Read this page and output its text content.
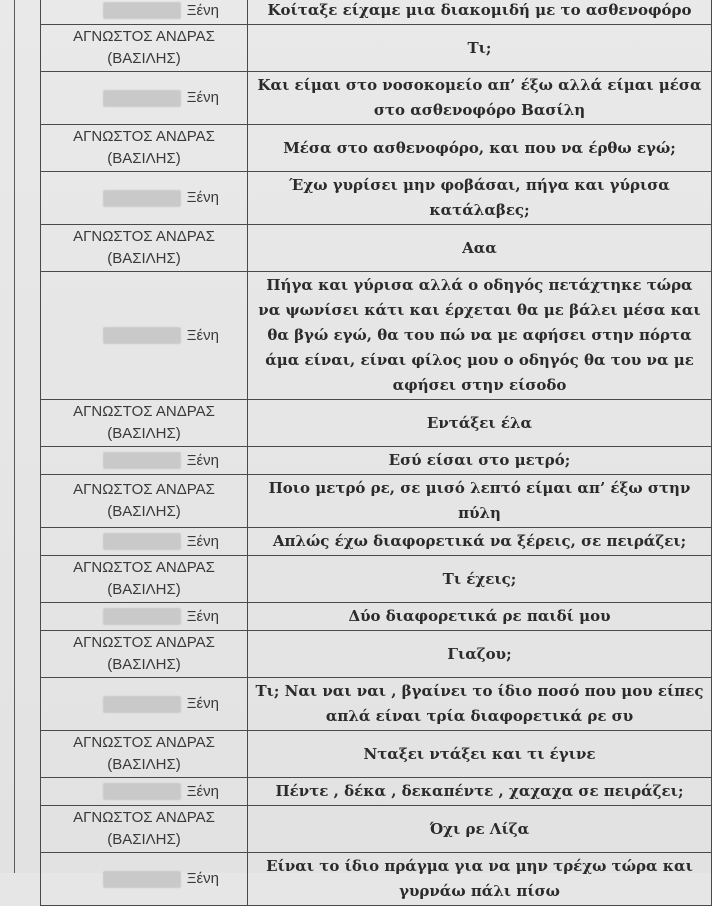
Ξένη	Κοίταξε είχαμε μια διακομιδή με το ασθενοφόρο
ΑΓΝΩΣΤΟΣ ΑΝΔΡΑΣ (ΒΑΣΙΛΗΣ)	Τι;
Ξένη	Και είμαι στο νοσοκομείο απ’ έξω αλλά είμαι μέσα στο ασθενοφόρο Βασίλη
ΑΓΝΩΣΤΟΣ ΑΝΔΡΑΣ (ΒΑΣΙΛΗΣ)	Μέσα στο ασθενοφόρο, και που να έρθω εγώ;
Ξένη	Έχω γυρίσει μην φοβάσαι, πήγα και γύρισα κατάλαβες;
ΑΓΝΩΣΤΟΣ ΑΝΔΡΑΣ (ΒΑΣΙΛΗΣ)	Ααα
Ξένη	Πήγα και γύρισα αλλά ο οδηγός πετάχτηκε τώρα να ψωνίσει κάτι και έρχεται θα με βάλει μέσα και θα βγώ εγώ, θα του πώ να με αφήσει στην πόρτα άμα είναι, είναι φίλος μου ο οδηγός θα του να με αφήσει στην είσοδο
ΑΓΝΩΣΤΟΣ ΑΝΔΡΑΣ (ΒΑΣΙΛΗΣ)	Εντάξει έλα
Ξένη	Εσύ είσαι στο μετρό;
ΑΓΝΩΣΤΟΣ ΑΝΔΡΑΣ (ΒΑΣΙΛΗΣ)	Ποιο μετρό ρε, σε μισό λεπτό είμαι απ’ έξω στην πύλη
Ξένη	Απλώς έχω διαφορετικά να ξέρεις, σε πειράζει;
ΑΓΝΩΣΤΟΣ ΑΝΔΡΑΣ (ΒΑΣΙΛΗΣ)	Τι έχεις;
Ξένη	Δύο διαφορετικά ρε παιδί μου
ΑΓΝΩΣΤΟΣ ΑΝΔΡΑΣ (ΒΑΣΙΛΗΣ)	Γιαζου;
Ξένη	Τι; Ναι ναι ναι , βγαίνει το ίδιο ποσό που μου είπες απλά είναι τρία διαφορετικά ρε συ
ΑΓΝΩΣΤΟΣ ΑΝΔΡΑΣ (ΒΑΣΙΛΗΣ)	Νταξει ντάξει και τι έγινε
Ξένη	Πέντε , δέκα , δεκαπέντε , χαχαχα σε πειράζει;
ΑΓΝΩΣΤΟΣ ΑΝΔΡΑΣ (ΒΑΣΙΛΗΣ)	Όχι ρε Λίζα
Ξένη	Είναι το ίδιο πράγμα για να μην τρέχω τώρα και γυρνάω πάλι πίσω
